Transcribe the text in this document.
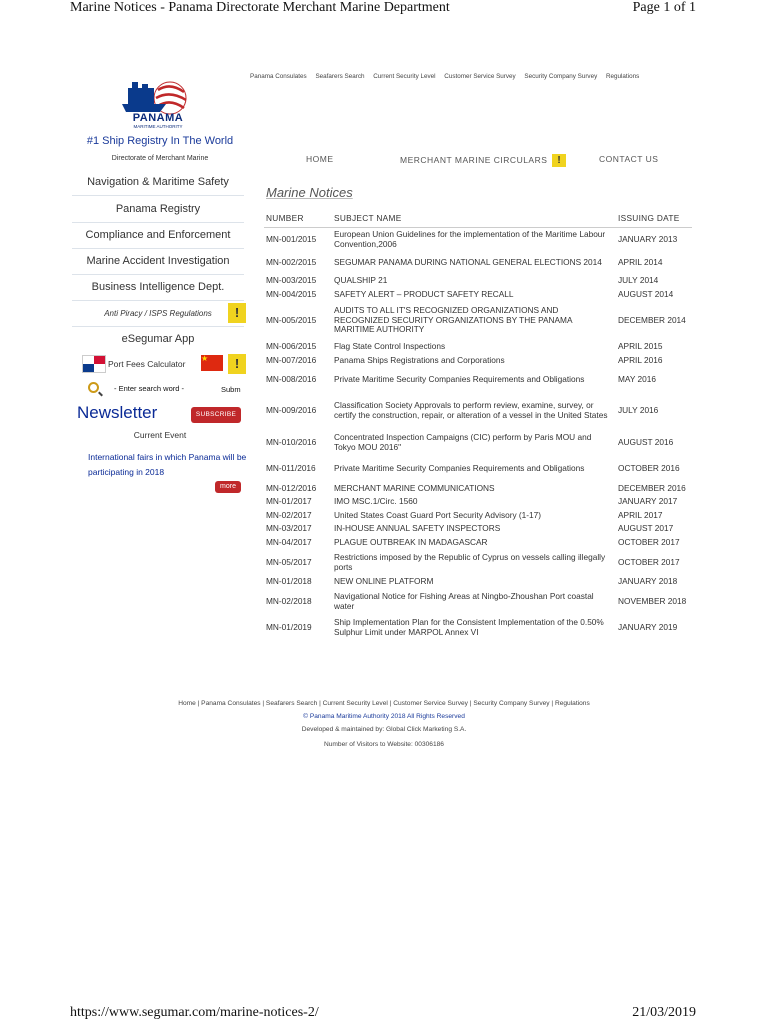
Marine Notices - Panama Directorate Merchant Marine Department	Page 1 of 1
PANAMA
MARITIME AUTHORITY
#1 Ship Registry In The World
Directorate of Merchant Marine
Panama Consulates Seafarers Search Current Security Level Customer Service Survey Security Company Survey Regulations
HOME	MERCHANT MARINE CIRCULARS !	CONTACT US
Navigation & Maritime Safety
Panama Registry
Compliance and Enforcement
Marine Accident Investigation
Business Intelligence Dept.
Anti Piracy / ISPS Regulations	!
eSegumar App
Port Fees Calculator
★	!
- Enter search word -	Subm
Newsletter	SUBSCRIBE
Current Event
International fairs in which Panama will be participating in 2018
more
Marine Notices
NUMBER	SUBJECT NAME	ISSUING DATE
MN-001/2015	European Union Guidelines for the implementation of the Maritime Labour Convention,2006	JANUARY 2013
MN-002/2015	SEGUMAR PANAMA DURING NATIONAL GENERAL ELECTIONS 2014	APRIL 2014
MN-003/2015	QUALSHIP 21	JULY 2014
MN-004/2015	SAFETY ALERT – PRODUCT SAFETY RECALL	AUGUST 2014
MN-005/2015	AUDITS TO ALL IT'S RECOGNIZED ORGANIZATIONS AND RECOGNIZED SECURITY ORGANIZATIONS BY THE PANAMA MARITIME AUTHORITY	DECEMBER 2014
MN-006/2015	Flag State Control Inspections	APRIL 2015
MN-007/2016	Panama Ships Registrations and Corporations	APRIL 2016
MN-008/2016	Private Maritime Security Companies Requirements and Obligations	MAY 2016
MN-009/2016	Classification Society Approvals to perform review, examine, survey, or certify the construction, repair, or alteration of a vessel in the United States	JULY 2016
MN-010/2016	Concentrated Inspection Campaigns (CIC) perform by Paris MOU and Tokyo MOU 2016"	AUGUST 2016
MN-011/2016	Private Maritime Security Companies Requirements and Obligations	OCTOBER 2016
MN-012/2016	MERCHANT MARINE COMMUNICATIONS	DECEMBER 2016
MN-01/2017	IMO MSC.1/Circ. 1560	JANUARY 2017
MN-02/2017	United States Coast Guard Port Security Advisory (1-17)	APRIL 2017
MN-03/2017	IN-HOUSE ANNUAL SAFETY INSPECTORS	AUGUST 2017
MN-04/2017	PLAGUE OUTBREAK IN MADAGASCAR	OCTOBER 2017
MN-05/2017	Restrictions imposed by the Republic of Cyprus on vessels calling illegally ports	OCTOBER 2017
MN-01/2018	NEW ONLINE PLATFORM	JANUARY 2018
MN-02/2018	Navigational Notice for Fishing Areas at Ningbo-Zhoushan Port coastal water	NOVEMBER 2018
MN-01/2019	Ship Implementation Plan for the Consistent Implementation of the 0.50% Sulphur Limit under MARPOL Annex VI	JANUARY 2019
Home | Panama Consulates | Seafarers Search | Current Security Level | Customer Service Survey | Security Company Survey | Regulations
© Panama Maritime Authority 2018 All Rights Reserved
Developed & maintained by: Global Click Marketing S.A.
Number of Visitors to Website: 00306186
https://www.segumar.com/marine-notices-2/	21/03/2019
